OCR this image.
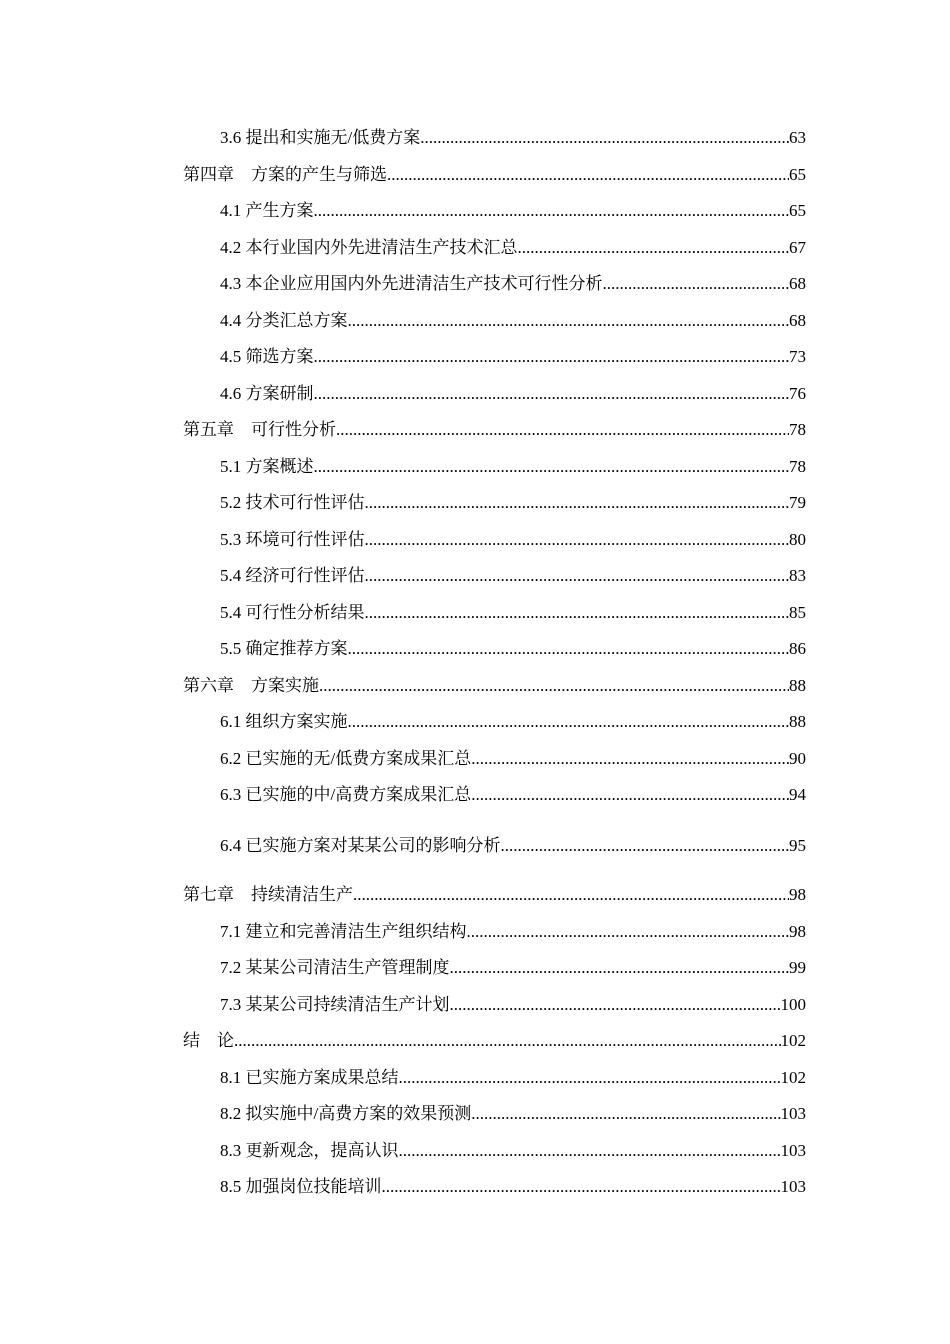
3.6 提出和实施无/低费方案 .....	63
第四章　方案的产生与筛选 .....	65
4.1 产生方案 .....	65
4.2 本行业国内外先进清洁生产技术汇总 .....	67
4.3 本企业应用国内外先进清洁生产技术可行性分析 .....	68
4.4 分类汇总方案 .....	68
4.5 筛选方案 .....	73
4.6 方案研制 .....	76
第五章　可行性分析 .....	78
5.1 方案概述 .....	78
5.2 技术可行性评估 .....	79
5.3 环境可行性评估 .....	80
5.4 经济可行性评估 .....	83
5.4 可行性分析结果 .....	85
5.5 确定推荐方案 .....	86
第六章　方案实施 .....	88
6.1 组织方案实施 .....	88
6.2 已实施的无/低费方案成果汇总 .....	90
6.3 已实施的中/高费方案成果汇总 .....	94
6.4 已实施方案对某某公司的影响分析 .....	95
第七章　持续清洁生产 .....	98
7.1 建立和完善清洁生产组织结构 .....	98
7.2 某某公司清洁生产管理制度 .....	99
7.3 某某公司持续清洁生产计划 .....	100
结　论 .....	102
8.1 已实施方案成果总结 .....	102
8.2 拟实施中/高费方案的效果预测 .....	103
8.3 更新观念，提高认识 .....	103
8.5 加强岗位技能培训 .....	103
